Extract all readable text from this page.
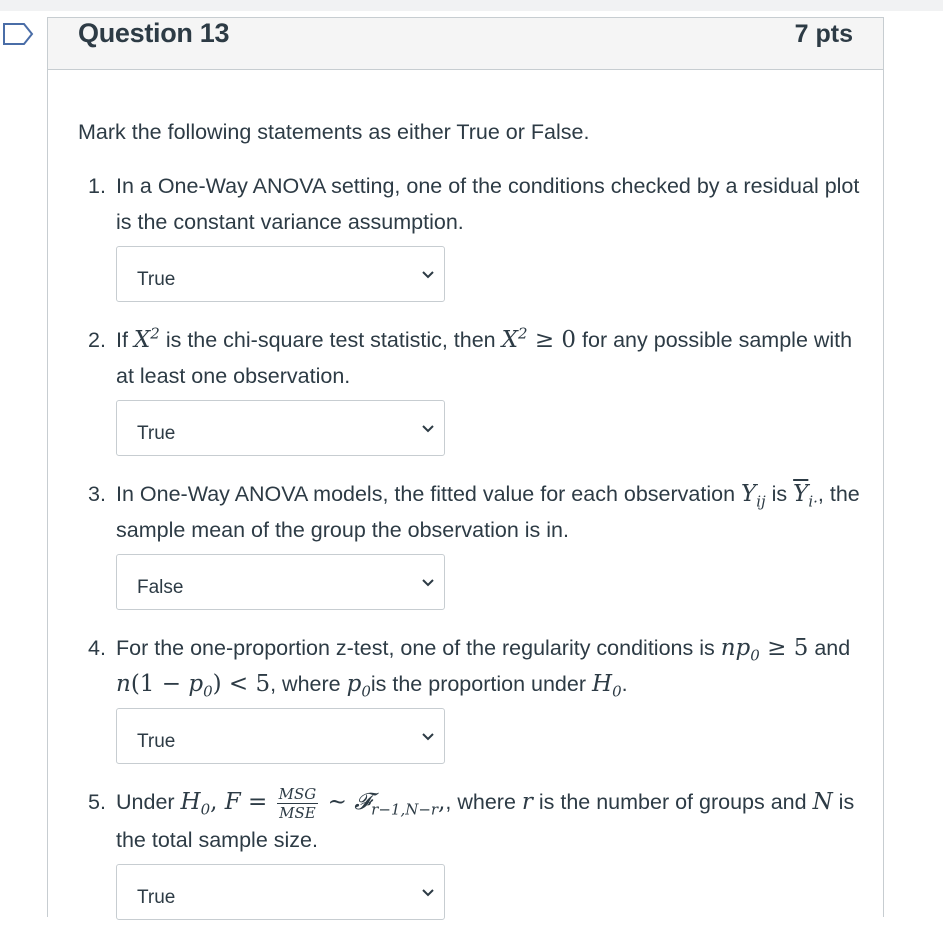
Question 13	7 pts
Mark the following statements as either True or False.
1. In a One-Way ANOVA setting, one of the conditions checked by a residual plot is the constant variance assumption.
True
2. If $X^2$ is the chi-square test statistic, then $X^2 \ge 0$ for any possible sample with at least one observation.
True
3. In One-Way ANOVA models, the fitted value for each observation $Y_{ij}$ is $\overline{Y}_{i\cdot}$, the sample mean of the group the observation is in.
False
4. For the one-proportion z-test, one of the regularity conditions is $np_0 \ge 5$ and $n(1 - p_0) < 5$, where $p_0is$ the proportion under $H_0$.
True
5. Under $H_0$, $F = \frac{\text{MSG}}{\text{MSE}}$ ∼ 𝓕$_{r-1,N-r}$,, where r is the number of groups and N is the total sample size.
True
